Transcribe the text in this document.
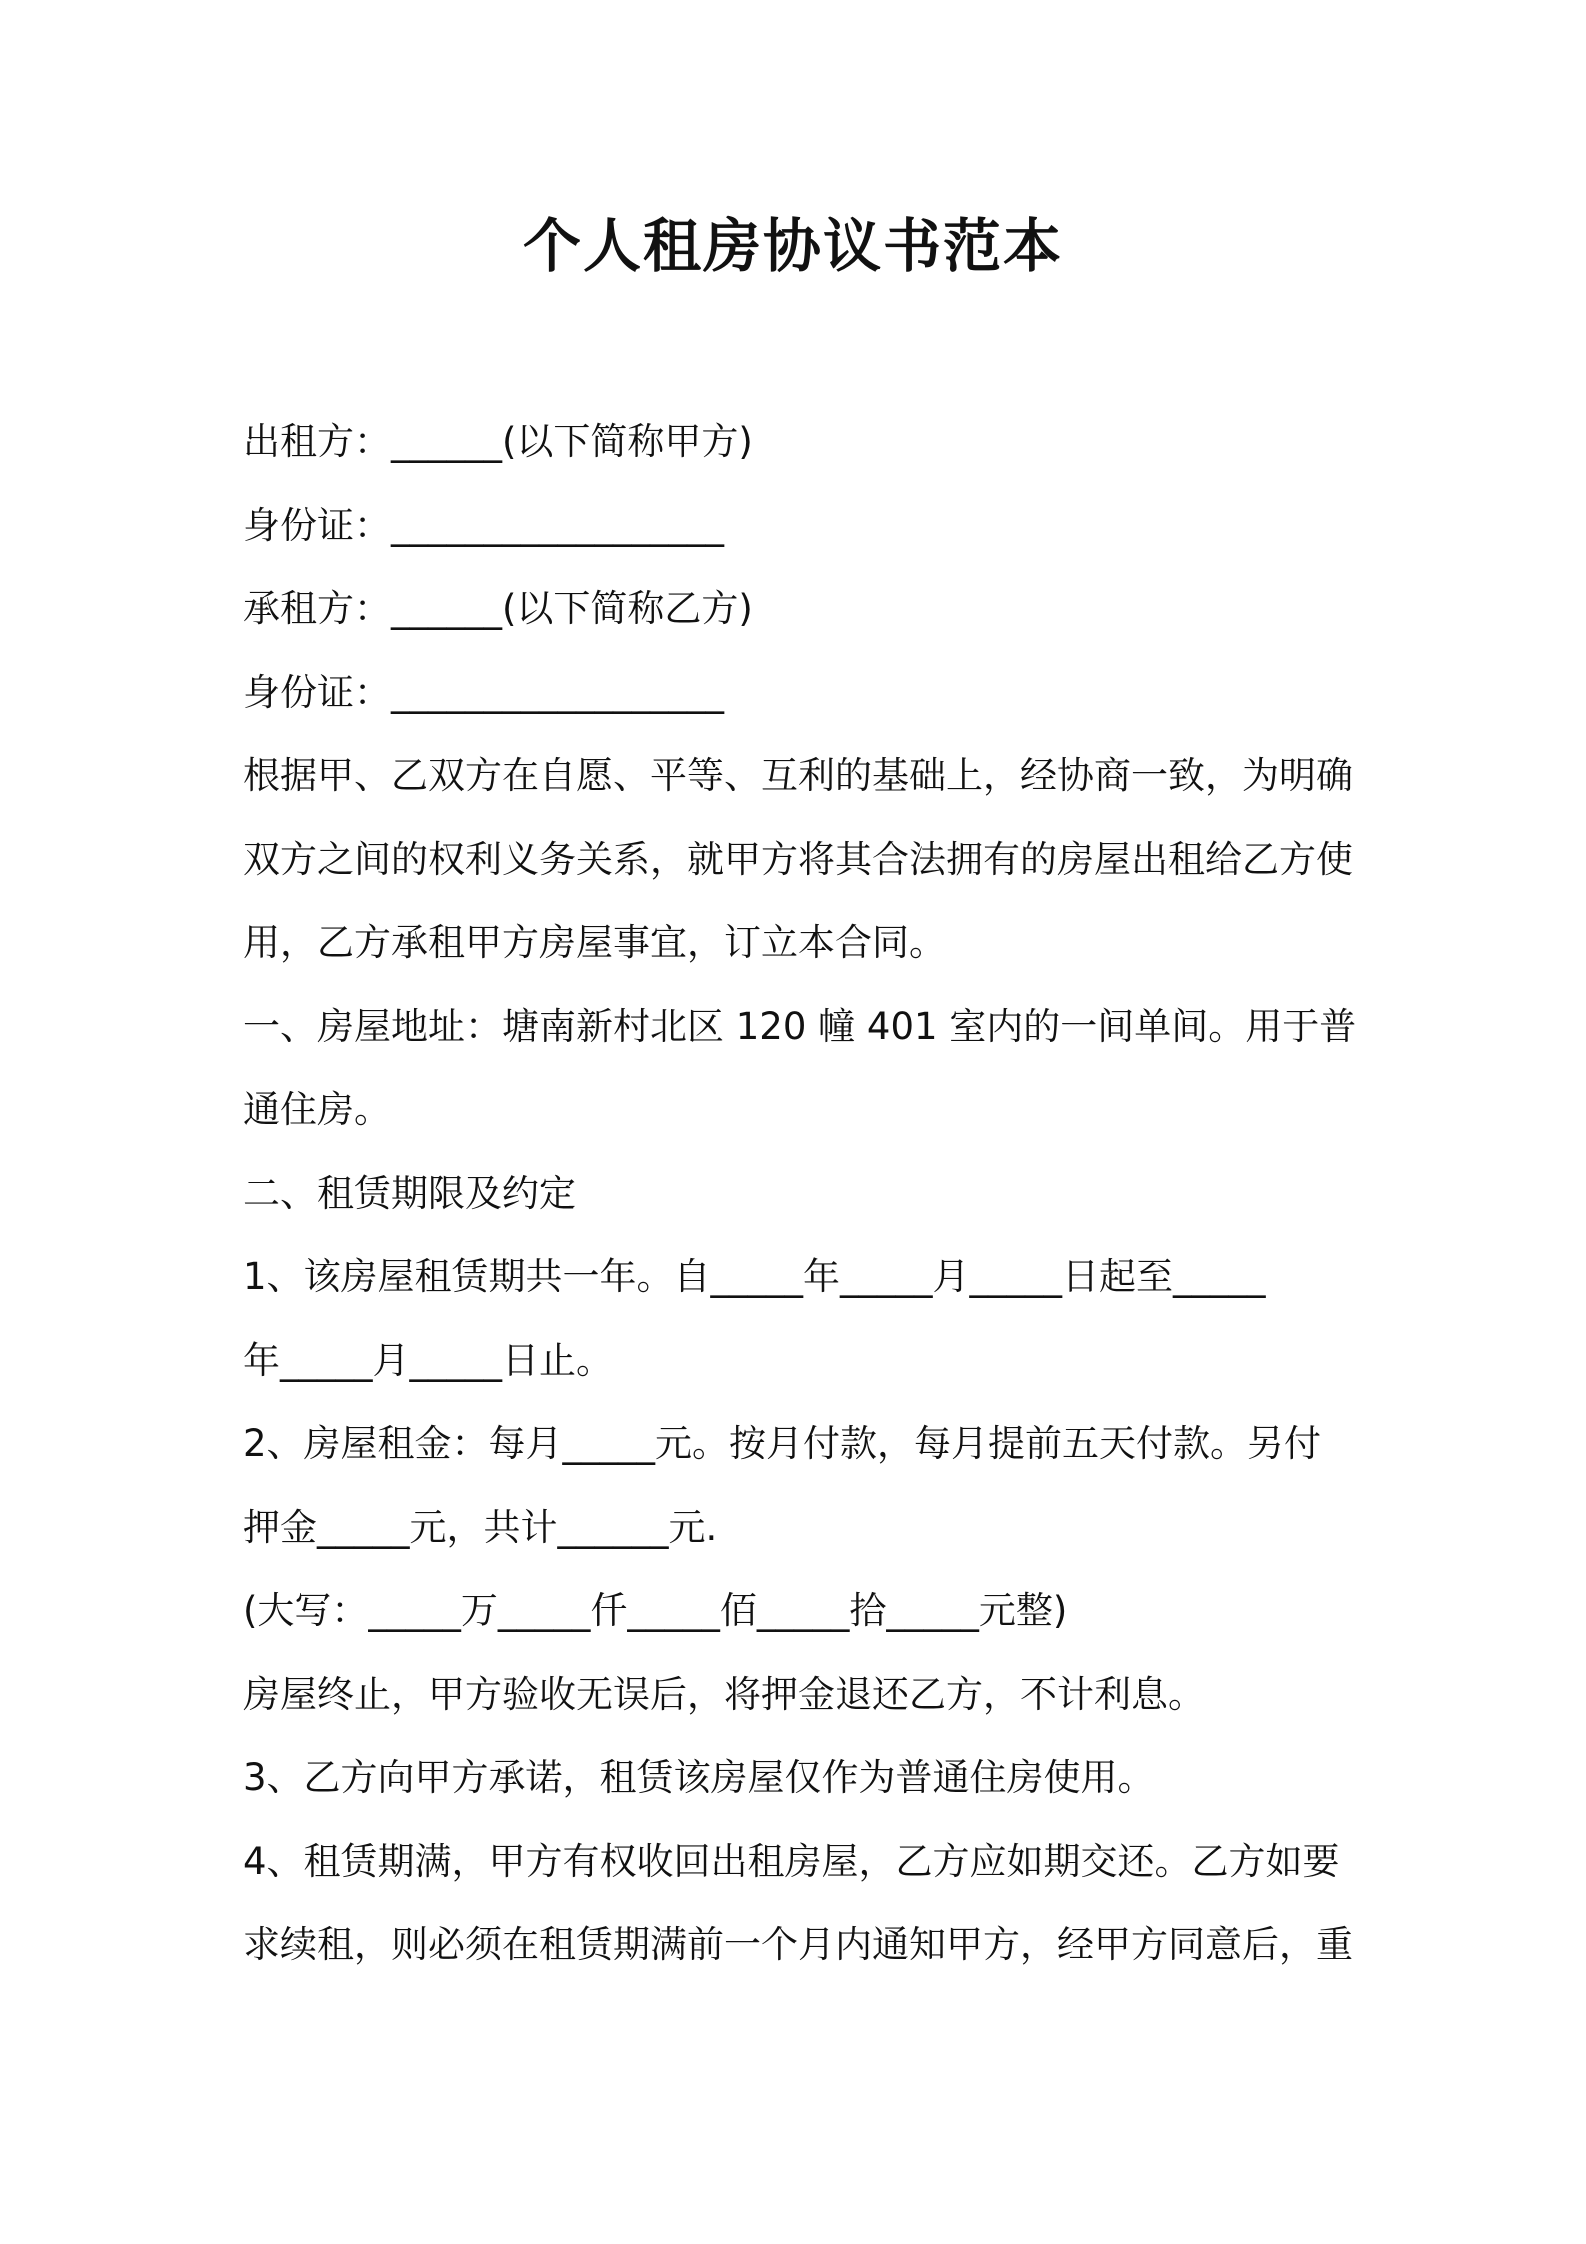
个人租房协议书范本
出租方：______(以下简称甲方)
身份证：__________________
承租方：______(以下简称乙方)
身份证：__________________
根据甲、乙双方在自愿、平等、互利的基础上，经协商一致，为明确
双方之间的权利义务关系，就甲方将其合法拥有的房屋出租给乙方使
用，乙方承租甲方房屋事宜，订立本合同。
一、房屋地址：塘南新村北区 120 幢 401 室内的一间单间。用于普
通住房。
二、租赁期限及约定
1、该房屋租赁期共一年。自_____年_____月_____日起至_____
年_____月_____日止。
2、房屋租金：每月_____元。按月付款，每月提前五天付款。另付
押金_____元，共计______元.
(大写：_____万_____仟_____佰_____拾_____元整)
房屋终止，甲方验收无误后，将押金退还乙方，不计利息。
3、乙方向甲方承诺，租赁该房屋仅作为普通住房使用。
4、租赁期满，甲方有权收回出租房屋，乙方应如期交还。乙方如要
求续租，则必须在租赁期满前一个月内通知甲方，经甲方同意后，重
